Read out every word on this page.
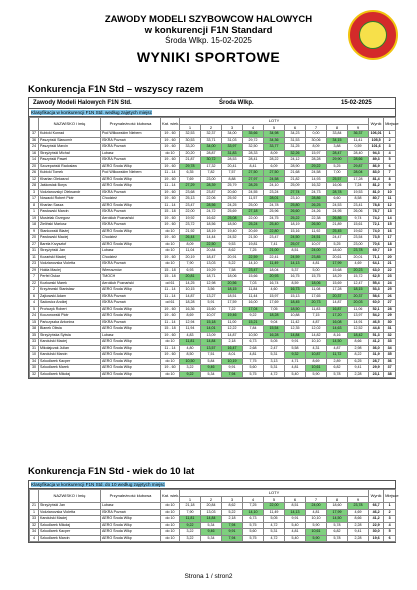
ZAWODY MODELI SZYBOWCOW HALOWYCH
w konkurencji F1N Standard
Środa Wlkp. 15-02-2025
WYNIKI SPORTOWE
Konkurencja F1N Std – wszyscy razem
Zawody Modeli Halowych F1N Std.	Środa Wlkp.	15-02-2025
Klasyfikacja w konkurencji F1N Std. według zajętych miejsc
	NAZWISKO i imię	Przynależność klubowa	Kat. wiek.	LOTY									Wynik	Miejsce
				1	2	3	4	5	6	7	8	9		
37	Kubicki Konrad	Pod Wilkowskim Niebem	19 - 60	32,53	32,37	34,00	35,66	34,98	34,23	0,00	33,84	36,37	106,01	1
36	Paszyński Sławomir	ISKRA Poznań	19 - 60	30,53	33,71	31,03	29,72	34,36	31,53	30,06	34,15	11,41	105,5	2
24	Paszyński Marcin	ISKRA Poznań	19 - 60	33,20	34,00	33,97	32,50	33,77	31,25	8,09	3,88	0,59	101,6	3
16	Strzyżyński Michał	Lubasz	do 10	20,20	28,87	31,83	28,33	8,09	32,26	15,97	28,47	28,40	94,3	4
14	Paszyński Paweł	ISKRA Poznań	19 - 60	21,87	30,72	28,53	28,41	28,22	24,12	28,28	29,90	28,66	89,3	5
20	Szczepański Radosław	AERO Środa Wlkp	19 - 60	29,78	17,32	20,41	8,41	6,09	28,90	29,22	5,25	29,87	86,9	6
26	Kubicki Tomek	Pod Wilkowskim Niebem	11 - 14	6,35	7,82	7,57	27,50	27,50	21,68	24,58	7,00	28,04	83,0	7
12	Kharlan Olekasnd	AERO Środa Wlkp	19 - 60	7,69	23,00	8,88	27,97	24,58	21,82	14,93	25,57	17,28	81,4	8
28	Jaśkowiak Borys	AERO Środa Wlkp	11 - 14	27,29	28,39	25,79	28,25	24,10	25,09	16,32	16,06	7,24	81,2	9
3	Vodzianovskyi Oleksandr	ISKRA Poznań	19 - 60	23,68	23,87	20,60	24,55	23,24	27,74	24,73	28,78	19,53	81,0	10
17	Nowacki Robert Piotr	Chodzież	19 - 60	25,13	22,06	25,92	11,57	28,01	23,10	28,86	6,60	8,58	80,7	11
8	Kharlan Sasza	AERO Środa Wlkp	11 - 14	23,47	28,56	24,25	25,00	24,78	25,80	26,25	24,53	23,41	78,8	12
1	Pawłowski Marcin	ISKRA Poznań	15 - 18	22,00	24,72	25,69	27,18	25,96	26,60	24,26	24,95	26,06	78,7	13
19	Musielak Grzegorz	Aeroklub Poznański	19 - 60	19,92	16,62	25,08	22,00	24,75	25,22	22,38	26,86	9,74	74,2	14
18	Zieliński Mariusz	ISKRA Poznań	19 - 60	23,72	18,56	18,50	25,24	25,40	18,19	26,50	21,89	15,61	72,1	15
9	Stankowski Błażej	AERO Środa Wlkp	do 10	21,92	18,19	19,40	20,69	22,80	15,16	11,92	25,45	19,62	74,0	16
20	Pawłowski Maciej	Chodzież	19 - 60	26,44	14,44	24,52	21,50	23,47	24,50	24,51	24,47	23,54	73,5	17
27	Bareła Krzysztof	AERO Środa Wlkp	do 10	8,09	22,50	9,53	19,81	7,41	25,07	10,07	5,25	23,00	70,6	18
31	Strzyżyński Jan	Lubasz	do 10	11,04	20,84	8,62	7,25	21,00	8,51	24,00	18,60	23,78	69,7	19
11	Kozański Maciej	Chodzież	19 - 60	20,19	18,47	20,91	22,59	22,41	24,59	23,85	20,61	20,01	71,1	20
23	Vodzianovska Violetta	ISKRA Poznań	do 10	7,90	13,03	5,22	14,10	11,49	14,13	4,81	17,99	4,69	64,1	21
29	Hołda Maciej	Wierusznów	15 - 18	6,93	19,29	7,58	23,47	18,04	5,37	5,00	15,68	20,23	63,0	22
7	Perfeł Oskar	TMOCH	15 - 18	20,81	18,71	18,06	15,66	20,93	16,75	15,75	18,29	15,72	62,5	23
22	Kozłowski Marek	Aeroklub Poznański	od 61	14,25	12,98	20,56	7,03	16,74	8,59	18,06	15,69	12,47	55,4	24
2	Krzyżewski Stanisław	AERO Środa Wlkp	11 - 14	10,15	3,56	18,15	11,84	4,60	16,73	11,08	17,28	18,15	53,3	25
6	Zajkowski Adam	ISKRA Poznań	11 - 14	14,87	13,27	18,51	11,44	15,97	15,13	17,65	20,37	20,37	58,6	26
4	Sadowicz Andżej	ISKRA Poznań	od 61	18,28	5,91	17,59	16,00	17,69	18,45	20,73	14,87	20,03	60,0	27
5	Prończyk Robert	AERO Środa Wlkp	19 - 60	16,36	15,60	7,22	17,04	7,05	18,50	11,83	16,87	11,06	52,1	28
24	Koczorowski Piotr	AERO Środa Wlkp	19 - 60	8,69	10,07	19,46	9,22	18,28	10,88	7,15	17,20	13,97	54,2	29
15	Pańczyszka Antonina	ISKRA Poznań	11 - 14	12,94	15,18	11,00	15,21	9,04	11,42	4,87	16,08	14,91	46,5	30
38	Bianek Oliwia	AERO Środa Wlkp	15 - 18	11,94	14,01	12,22	7,84	15,54	12,35	12,02	14,63	12,52	44,8	31
35	Strzyżyńska Sylwia	Lubasz	19 - 60	4,83	13,09	14,87	10,50	16,28	14,84	14,82	8,16	18,42	51,3	32
33	Kandulski Maciej	AERO Środa Wlkp	do 10	11,81	14,84	2,18	6,73	5,05	9,91	10,10	14,50	8,66	41,2	33
31	Mikołajczak Julian	AERO Środa Wlkp	11 - 14	4,80	13,57	16,47	2,68	2,47	5,58	4,31	4,87	2,98	36,0	34
10	Kandulski Marcin	AERO Środa Wlkp	19 - 60	8,50	7,51	8,01	4,81	5,31	9,32	10,87	11,72	8,22	31,9	35
34	Szkudlarek Kacper	AERO Środa Wlkp	do 10	10,50	5,84	10,19	7,75	3,13	4,71	8,69	2,89	6,25	28,7	36
30	Szkudlarek Marek	AERO Środa Wlkp	19 - 60	3,22	9,46	9,91	5,60	5,31	4,81	10,61	6,82	9,41	29,9	37
32	Szkudlarek Mikołaj	AERO Środa Wlkp	do 10	9,22	5,34	7,94	5,75	4,72	5,40	5,90	5,78	2,28	23,1	38
Konkurencja F1N Std - wiek do 10 lat
Klasyfikacja w konkurencji F1N Std. do 10 według zajętych miejsc
	NAZWISKO i Imię	Przynależność klubowa	Kat. wiek.	LOTY									Wynik	Miejsce
				1	2	3	4	5	6	7	8	9		
21	Strzyżyński Jan	Lubasz	do 10	21,18	20,84	8,62	7,25	22,00	8,51	24,00	18,60	23,78	66,7	1
1	Vodzianovska Violetta	ISKRA Poznań	do 10	7,90	13,03	5,22	14,10	11,49	14,13	4,81	17,99	4,69	46,2	2
33	Kandulski Maciej	AERO Środa Wlkp	do 10	11,81	14,84	2,18	6,73	5,05	9,91	10,10	14,50	8,66	41,2	3
32	Szkudlarek Mikołaj	AERO Środa Wlkp	do 10	9,22	5,34	7,94	5,75	4,72	5,40	5,90	5,78	2,28	22,9	4
34	Szkudlarek Kacper	AERO Środa Wlkp	do 10	3,22	9,46	9,91	5,60	5,31	4,81	10,61	6,82	9,41	30,0	5
4	Szkudlarek Marcin	AERO Środa Wlkp	do 10	3,22	5,34	7,94	5,75	4,72	5,40	5,90	5,78	2,28	19,6	6
Strona 1 / stron2
